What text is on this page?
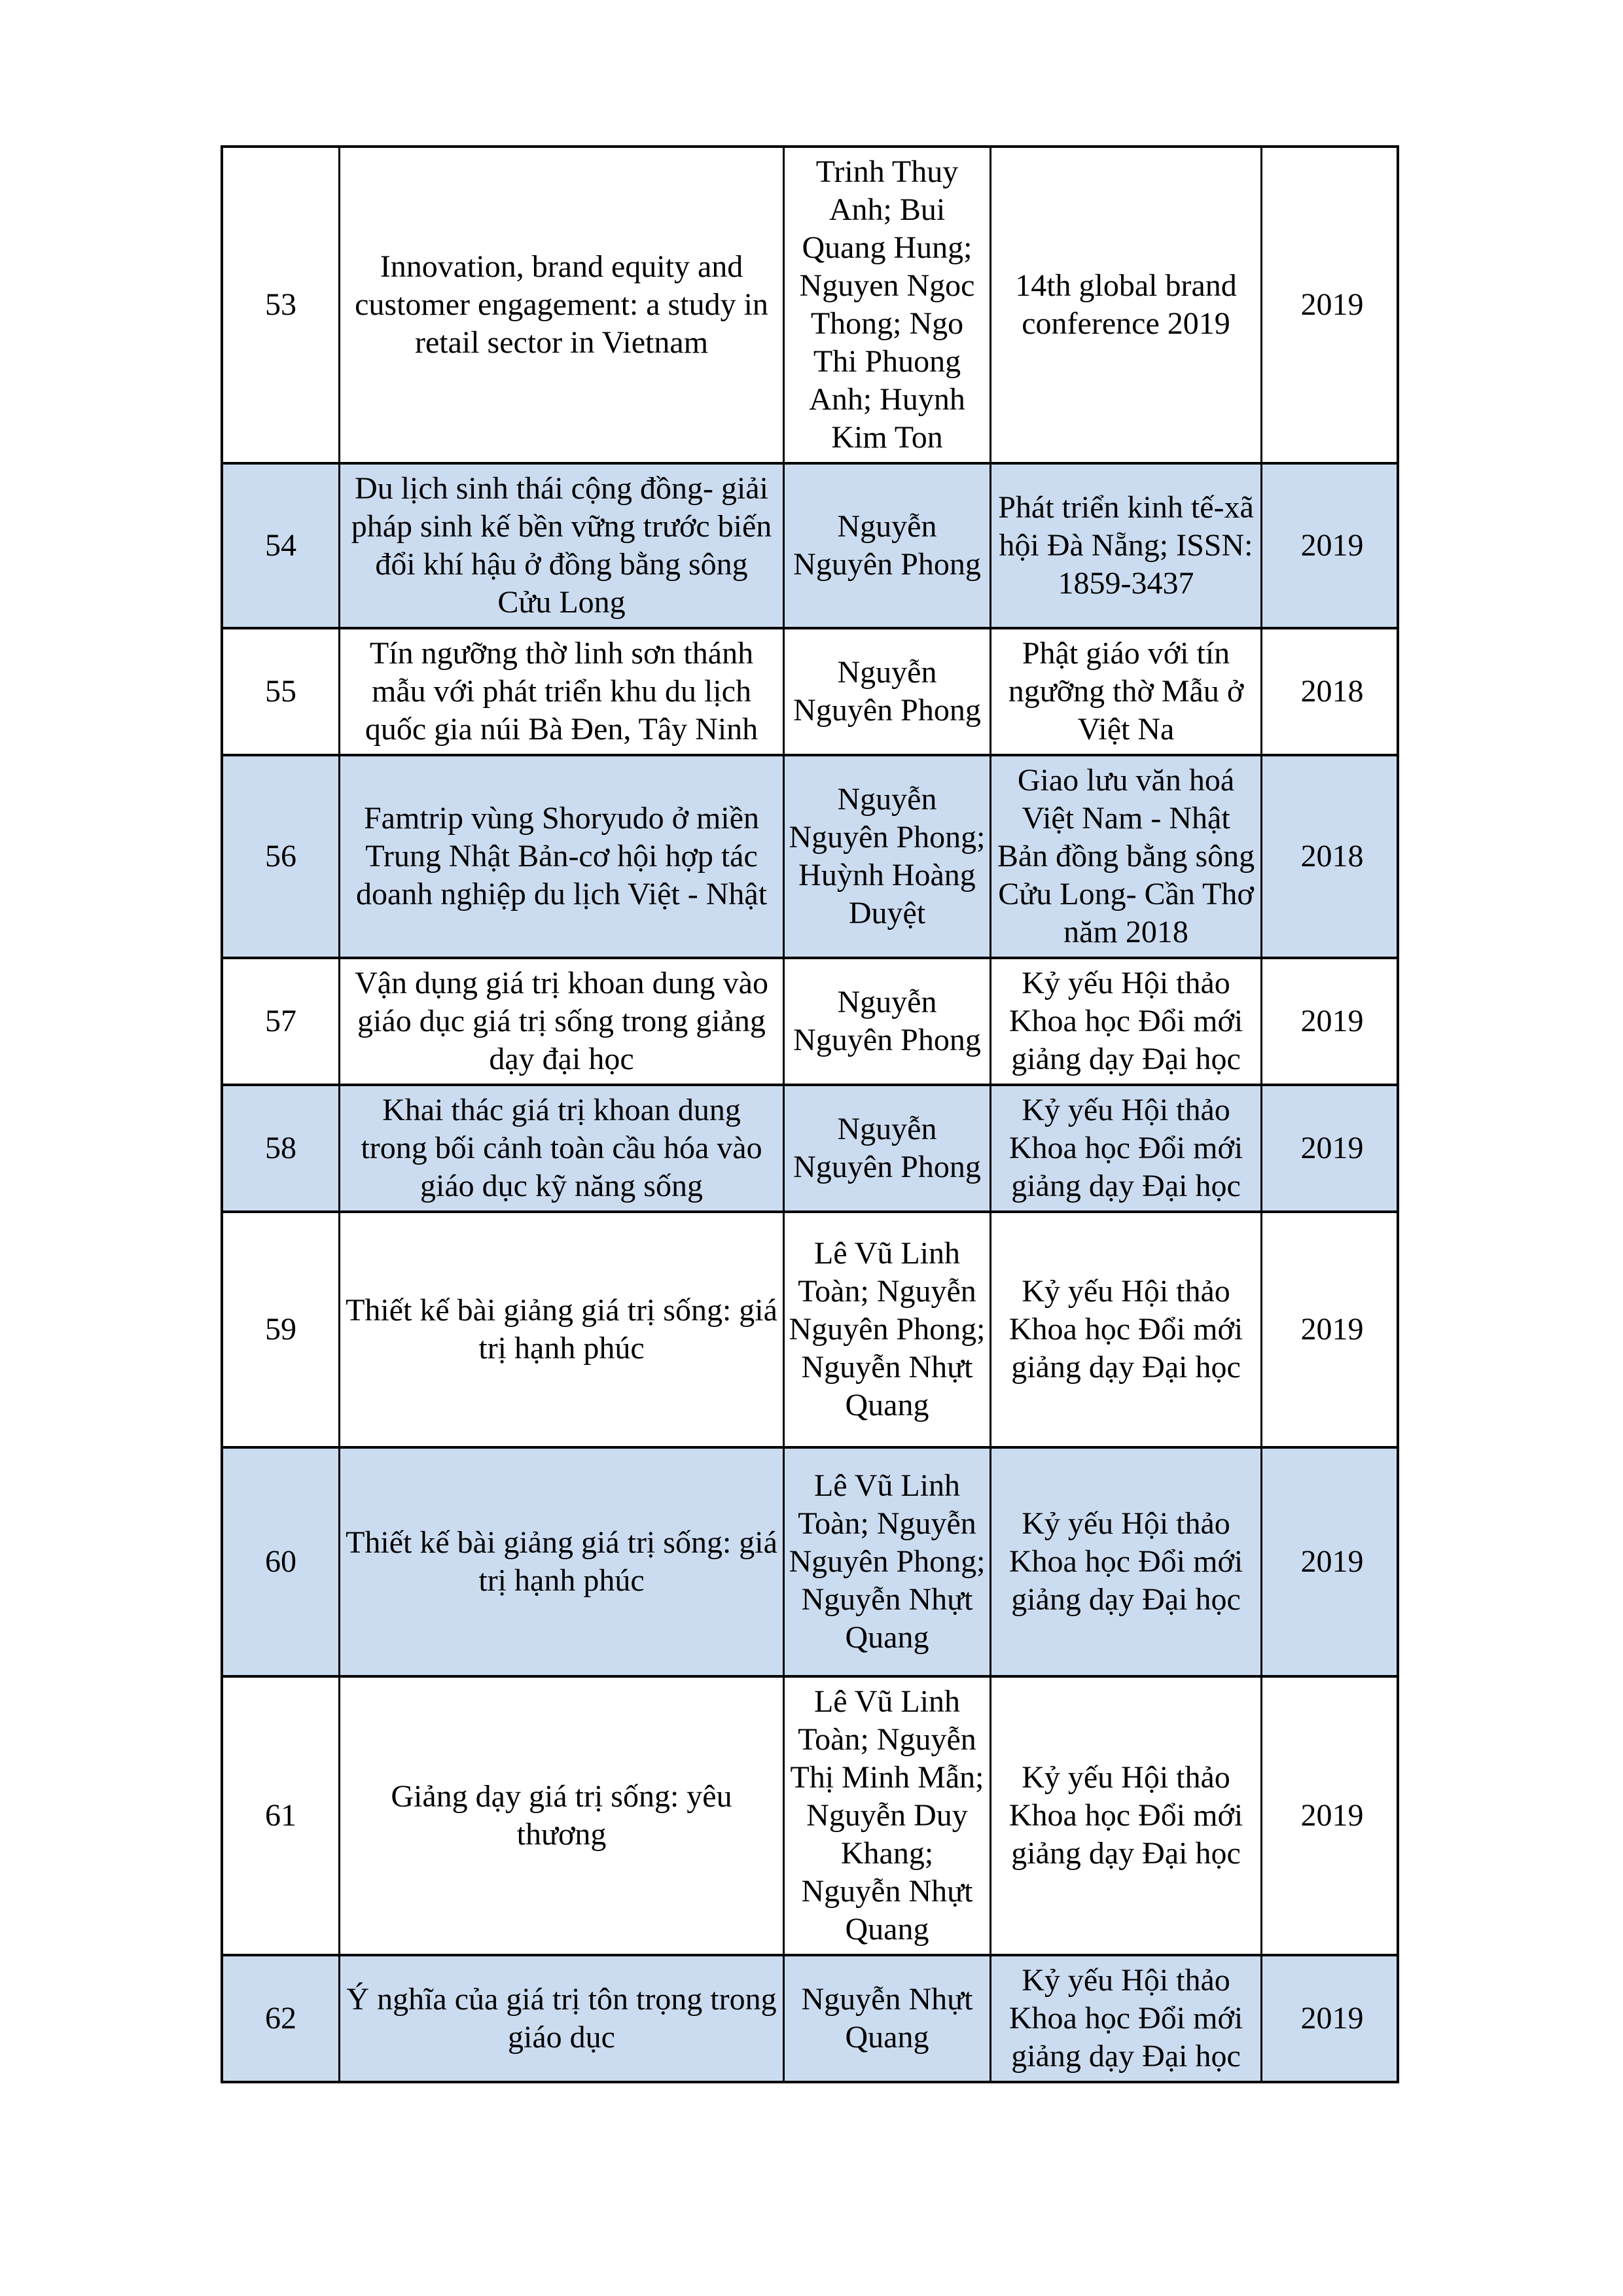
53
Innovation, brand equity and customer engagement: a study in retail sector in Vietnam
Trinh Thuy Anh; Bui Quang Hung; Nguyen Ngoc Thong; Ngo Thi Phuong Anh; Huynh Kim Ton
14th global brand conference 2019
2019
54
Du lịch sinh thái cộng đồng- giải pháp sinh kế bền vững trước biến đổi khí hậu ở đồng bằng sông Cửu Long
Nguyễn Nguyên Phong
Phát triển kinh tế-xã hội Đà Nẵng; ISSN: 1859-3437
2019
55
Tín ngưỡng thờ linh sơn thánh mẫu với phát triển khu du lịch quốc gia núi Bà Đen, Tây Ninh
Nguyễn Nguyên Phong
Phật giáo với tín ngưỡng thờ Mẫu ở Việt Na
2018
56
Famtrip vùng Shoryudo ở miền Trung Nhật Bản-cơ hội hợp tác doanh nghiệp du lịch Việt - Nhật
Nguyễn Nguyên Phong; Huỳnh Hoàng Duyệt
Giao lưu văn hoá Việt Nam - Nhật Bản đồng bằng sông Cửu Long- Cần Thơ năm 2018
2018
57
Vận dụng giá trị khoan dung vào giáo dục giá trị sống trong giảng dạy đại học
Nguyễn Nguyên Phong
Kỷ yếu Hội thảo Khoa học Đổi mới giảng dạy Đại học
2019
58
Khai thác giá trị khoan dung trong bối cảnh toàn cầu hóa vào giáo dục kỹ năng sống
Nguyễn Nguyên Phong
Kỷ yếu Hội thảo Khoa học Đổi mới giảng dạy Đại học
2019
59
Thiết kế bài giảng giá trị sống: giá trị hạnh phúc
Lê Vũ Linh Toàn; Nguyễn Nguyên Phong; Nguyễn Nhựt Quang
Kỷ yếu Hội thảo Khoa học Đổi mới giảng dạy Đại học
2019
60
Thiết kế bài giảng giá trị sống: giá trị hạnh phúc
Lê Vũ Linh Toàn; Nguyễn Nguyên Phong; Nguyễn Nhựt Quang
Kỷ yếu Hội thảo Khoa học Đổi mới giảng dạy Đại học
2019
61
Giảng dạy giá trị sống: yêu thương
Lê Vũ Linh Toàn; Nguyễn Thị Minh Mẫn; Nguyễn Duy Khang; Nguyễn Nhựt Quang
Kỷ yếu Hội thảo Khoa học Đổi mới giảng dạy Đại học
2019
62
Ý nghĩa của giá trị tôn trọng trong giáo dục
Nguyễn Nhựt Quang
Kỷ yếu Hội thảo Khoa học Đổi mới giảng dạy Đại học
2019
